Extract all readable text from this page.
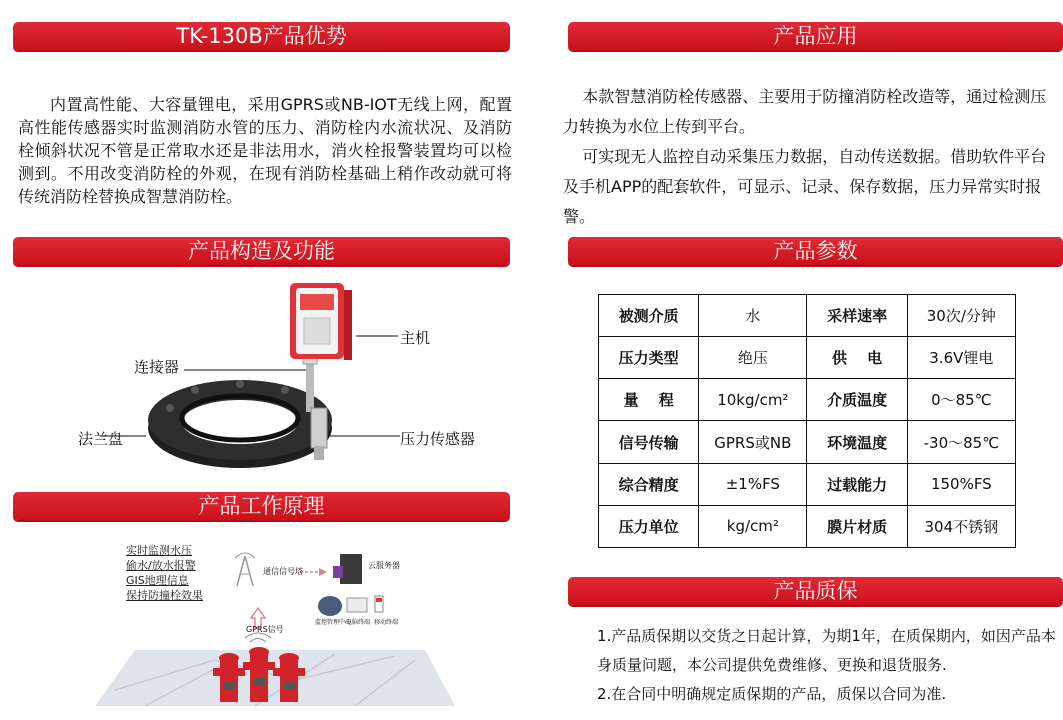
TK-130B产品优势

内置高性能、大容量锂电，采用GPRS或NB-IOT无线上网，配置高性能传感器实时监测消防水管的压力、消防栓内水流状况、及消防栓倾斜状况不管是正常取水还是非法用水，消火栓报警装置均可以检测到。不用改变消防栓的外观，在现有消防栓基础上稍作改动就可将传统消防栓替换成智慧消防栓。

产品构造及功能
主机
连接器
法兰盘	压力传感器
产品工作原理
实时监测水压
偷水/放水报警
GIS地理信息
保持防撞栓效果
通信信号塔
云服务器
GPRS信号
监控管理中心
电脑终端 移动终端
产品应用

本款智慧消防栓传感器、主要用于防撞消防栓改造等，通过检测压力转换为水位上传到平台。

可实现无人监控自动采集压力数据，自动传送数据。借助软件平台及手机APP的配套软件，可显示、记录、保存数据，压力异常实时报警。

产品参数
被测介质	水	采样速率	30次/分钟
压力类型	绝压	供　 电	3.6V锂电
量　 程	10kg/cm²	介质温度	0～85℃
信号传输	GPRS或NB	环境温度	-30～85℃
综合精度	±1%FS	过载能力	150%FS
压力单位	kg/cm²	膜片材质	304不锈钢
产品质保

1.产品质保期以交货之日起计算，为期1年，在质保期内，如因产品本身质量问题，本公司提供免费维修、更换和退货服务.

2.在合同中明确规定质保期的产品，质保以合同为准.
